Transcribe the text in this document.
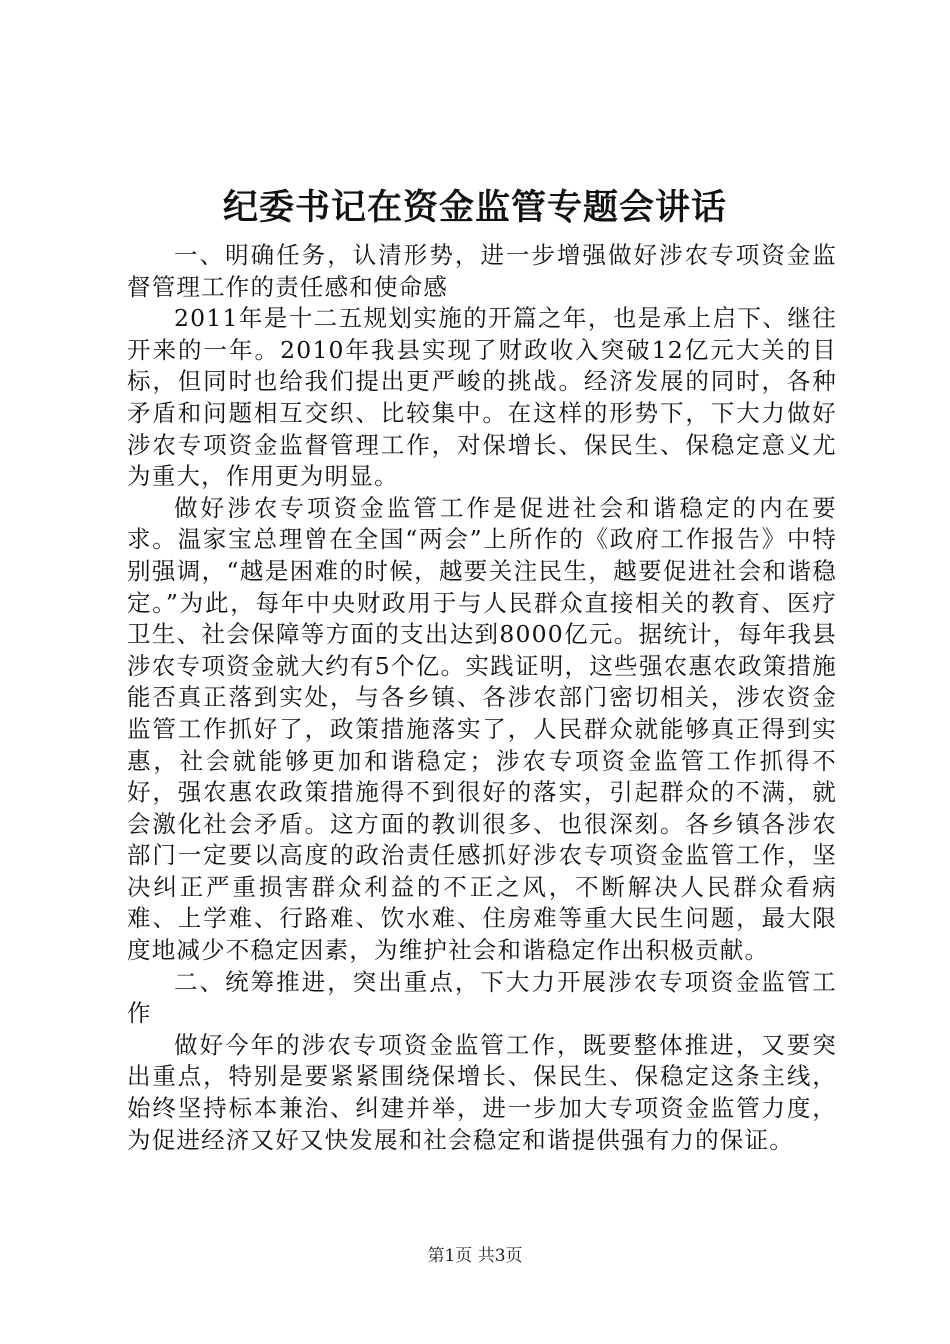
纪委书记在资金监管专题会讲话

一、明确任务，认清形势，进一步增强做好涉农专项资金监督管理工作的责任感和使命感

2011年是十二五规划实施的开篇之年，也是承上启下、继往开来的一年。2010年我县实现了财政收入突破12亿元大关的目标，但同时也给我们提出更严峻的挑战。经济发展的同时，各种矛盾和问题相互交织、比较集中。在这样的形势下，下大力做好涉农专项资金监督管理工作，对保增长、保民生、保稳定意义尤为重大，作用更为明显。

做好涉农专项资金监管工作是促进社会和谐稳定的内在要求。温家宝总理曾在全国“两会”上所作的《政府工作报告》中特别强调，“越是困难的时候，越要关注民生，越要促进社会和谐稳定。”为此，每年中央财政用于与人民群众直接相关的教育、医疗卫生、社会保障等方面的支出达到8000亿元。据统计，每年我县涉农专项资金就大约有5个亿。实践证明，这些强农惠农政策措施能否真正落到实处，与各乡镇、各涉农部门密切相关，涉农资金监管工作抓好了，政策措施落实了，人民群众就能够真正得到实惠，社会就能够更加和谐稳定；涉农专项资金监管工作抓得不好，强农惠农政策措施得不到很好的落实，引起群众的不满，就会激化社会矛盾。这方面的教训很多、也很深刻。各乡镇各涉农部门一定要以高度的政治责任感抓好涉农专项资金监管工作，坚决纠正严重损害群众利益的不正之风，不断解决人民群众看病难、上学难、行路难、饮水难、住房难等重大民生问题，最大限度地减少不稳定因素，为维护社会和谐稳定作出积极贡献。

二、统筹推进，突出重点，下大力开展涉农专项资金监管工作

做好今年的涉农专项资金监管工作，既要整体推进，又要突出重点，特别是要紧紧围绕保增长、保民生、保稳定这条主线，始终坚持标本兼治、纠建并举，进一步加大专项资金监管力度，为促进经济又好又快发展和社会稳定和谐提供强有力的保证。

第1页 共3页
